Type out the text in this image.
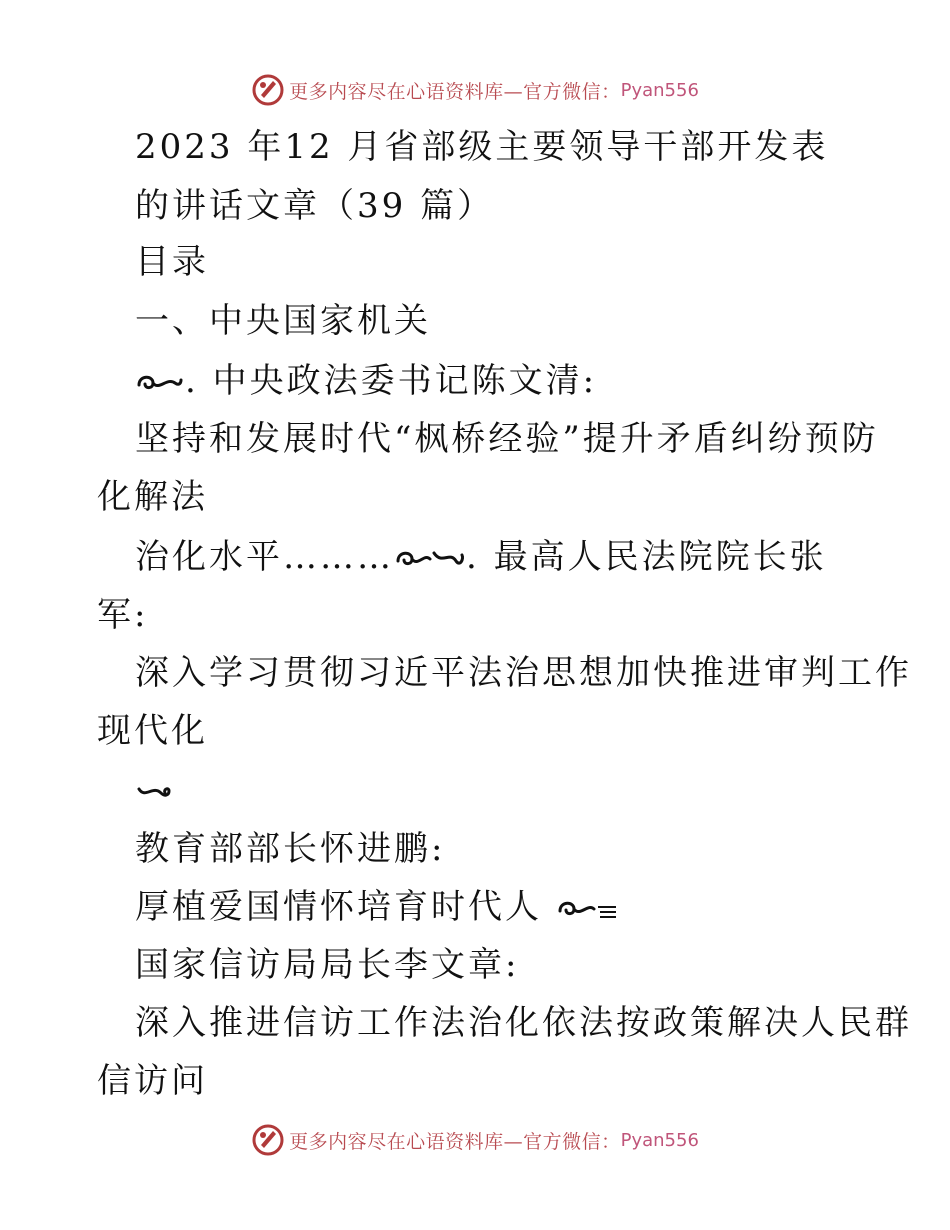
更多内容尽在心语资料库—官方微信： Pyan556
2023 年12 月省部级主要领导干部开发表
的讲话文章（39 篇）
目录
一、中央国家机关
. 中央政法委书记陈文清:
坚持和发展时代“枫桥经验”提升矛盾纠纷预防
化解法
治化水平……… . 最高人民法院院长张
军:
深入学习贯彻习近平法治思想加快推进审判工作
现代化
教育部部长怀进鹏:
厚植爱国情怀培育时代人
国家信访局局长李文章:
深入推进信访工作法治化依法按政策解决人民群
信访问
更多内容尽在心语资料库—官方微信： Pyan556
